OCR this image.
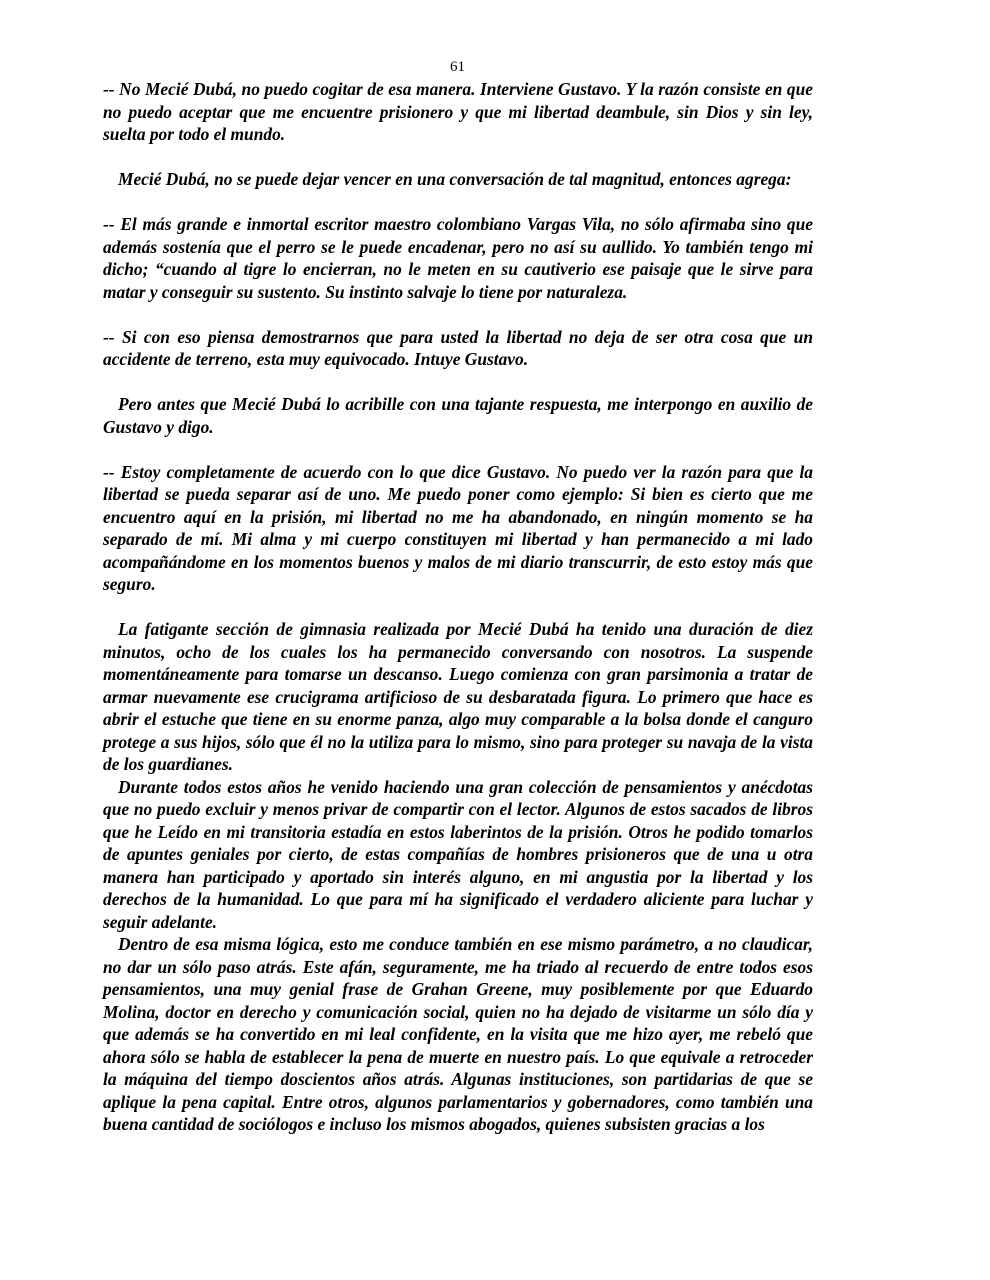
61

-- No Mecié Dubá, no puedo cogitar de esa manera. Interviene Gustavo. Y la razón consiste en que no puedo aceptar que me encuentre prisionero y que mi libertad deambule, sin Dios y sin ley, suelta por todo el mundo.

Mecié Dubá, no se puede dejar vencer en una conversación de tal magnitud, entonces agrega:

-- El más grande e inmortal escritor maestro colombiano Vargas Vila, no sólo afirmaba sino que además sostenía que el perro se le puede encadenar, pero no así su aullido. Yo también tengo mi dicho; “cuando al tigre lo encierran, no le meten en su cautiverio ese paisaje que le sirve para matar y conseguir su sustento. Su instinto salvaje lo tiene por naturaleza.

-- Si con eso piensa demostrarnos que para usted la libertad no deja de ser otra cosa que un accidente de terreno, esta muy equivocado. Intuye Gustavo.

Pero antes que Mecié Dubá lo acribille con una tajante respuesta, me interpongo en auxilio de Gustavo y digo.

-- Estoy completamente de acuerdo con lo que dice Gustavo. No puedo ver la razón para que la libertad se pueda separar así de uno. Me puedo poner como ejemplo: Si bien es cierto que me encuentro aquí en la prisión, mi libertad no me ha abandonado, en ningún momento se ha separado de mí. Mi alma y mi cuerpo constituyen mi libertad y han permanecido a mi lado acompañándome en los momentos buenos y malos de mi diario transcurrir, de esto estoy más que seguro.

La fatigante sección de gimnasia realizada por Mecié Dubá ha tenido una duración de diez minutos, ocho de los cuales los ha permanecido conversando con nosotros. La suspende momentáneamente para tomarse un descanso. Luego comienza con gran parsimonia a tratar de armar nuevamente ese crucigrama artificioso de su desbaratada figura. Lo primero que hace es abrir el estuche que tiene en su enorme panza, algo muy comparable a la bolsa donde el canguro protege a sus hijos, sólo que él no la utiliza para lo mismo, sino para proteger su navaja de la vista de los guardianes.

Durante todos estos años he venido haciendo una gran colección de pensamientos y anécdotas que no puedo excluir y menos privar de compartir con el lector. Algunos de estos sacados de libros que he Leído en mi transitoria estadía en estos laberintos de la prisión. Otros he podido tomarlos de apuntes geniales por cierto, de estas compañías de hombres prisioneros que de una u otra manera han participado y aportado sin interés alguno, en mi angustia por la libertad y los derechos de la humanidad. Lo que para mí ha significado el verdadero aliciente para luchar y seguir adelante.

Dentro de esa misma lógica, esto me conduce también en ese mismo parámetro, a no claudicar, no dar un sólo paso atrás. Este afán, seguramente, me ha triado al recuerdo de entre todos esos pensamientos, una muy genial frase de Grahan Greene, muy posiblemente por que Eduardo Molina, doctor en derecho y comunicación social, quien no ha dejado de visitarme un sólo día y que además se ha convertido en mi leal confidente, en la visita que me hizo ayer, me rebeló que ahora sólo se habla de establecer la pena de muerte en nuestro país. Lo que equivale a retroceder la máquina del tiempo doscientos años atrás. Algunas instituciones, son partidarias de que se aplique la pena capital. Entre otros, algunos parlamentarios y gobernadores, como también una buena cantidad de sociólogos e incluso los mismos abogados, quienes subsisten gracias a los
